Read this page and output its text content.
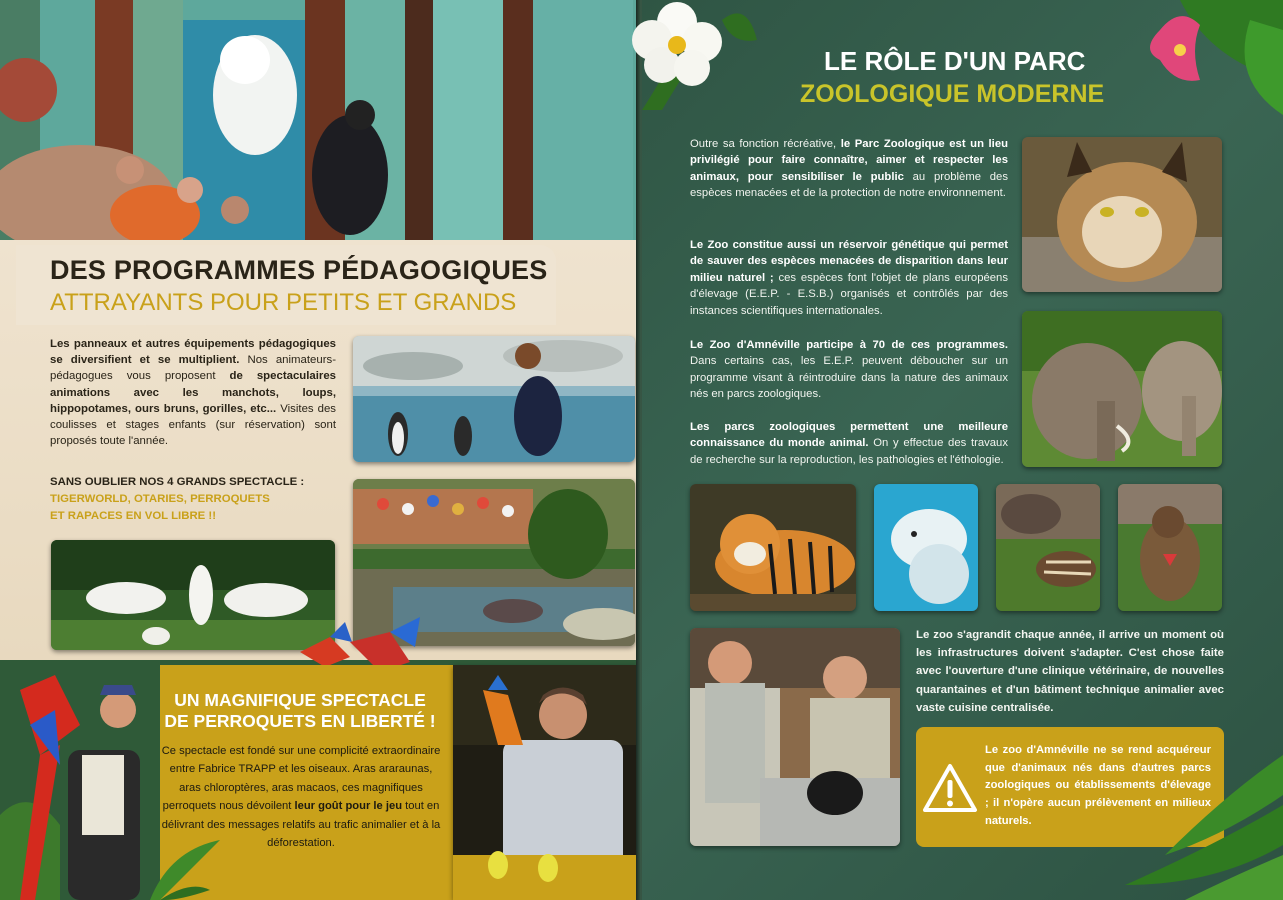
DES PROGRAMMES PÉDAGOGIQUES
ATTRAYANTS POUR PETITS ET GRANDS

Les panneaux et autres équipements pédagogiques se diversifient et se multiplient. Nos animateurs-pédagogues vous proposent de spectaculaires animations avec les manchots, loups, hippopotames, ours bruns, gorilles, etc... Visites des coulisses et stages enfants (sur réservation) sont proposés toute l'année.

SANS OUBLIER NOS 4 GRANDS SPECTACLE :
TIGERWORLD, OTARIES, PERROQUETS
ET RAPACES EN VOL LIBRE !!
UN MAGNIFIQUE SPECTACLE
DE PERROQUETS EN LIBERTÉ !

Ce spectacle est fondé sur une complicité extraordinaire entre Fabrice TRAPP et les oiseaux. Aras araraunas, aras chloroptères, aras macaos, ces magnifiques perroquets nous dévoilent leur goût pour le jeu tout en délivrant des messages relatifs au trafic animalier et à la déforestation.

LE RÔLE D'UN PARC
ZOOLOGIQUE MODERNE

Outre sa fonction récréative, le Parc Zoologique est un lieu privilégié pour faire connaître, aimer et respecter les animaux, pour sensibiliser le public au problème des espèces menacées et de la protection de notre environnement.

Le Zoo constitue aussi un réservoir génétique qui permet de sauver des espèces menacées de disparition dans leur milieu naturel ; ces espèces font l'objet de plans européens d'élevage (E.E.P. - E.S.B.) organisés et contrôlés par des instances scientifiques internationales.

Le Zoo d'Amnéville participe à 70 de ces programmes. Dans certains cas, les E.E.P. peuvent déboucher sur un programme visant à réintroduire dans la nature des animaux nés en parcs zoologiques.

Les parcs zoologiques permettent une meilleure connaissance du monde animal. On y effectue des travaux de recherche sur la reproduction, les pathologies et l'éthologie.

Le zoo s'agrandit chaque année, il arrive un moment où les infrastructures doivent s'adapter. C'est chose faite avec l'ouverture d'une clinique vétérinaire, de nouvelles quarantaines et d'un bâtiment technique animalier avec vaste cuisine centralisée.

Le zoo d'Amnéville ne se rend acquéreur que d'animaux nés dans d'autres parcs zoologiques ou établissements d'élevage ; il n'opère aucun prélèvement en milieux naturels.
